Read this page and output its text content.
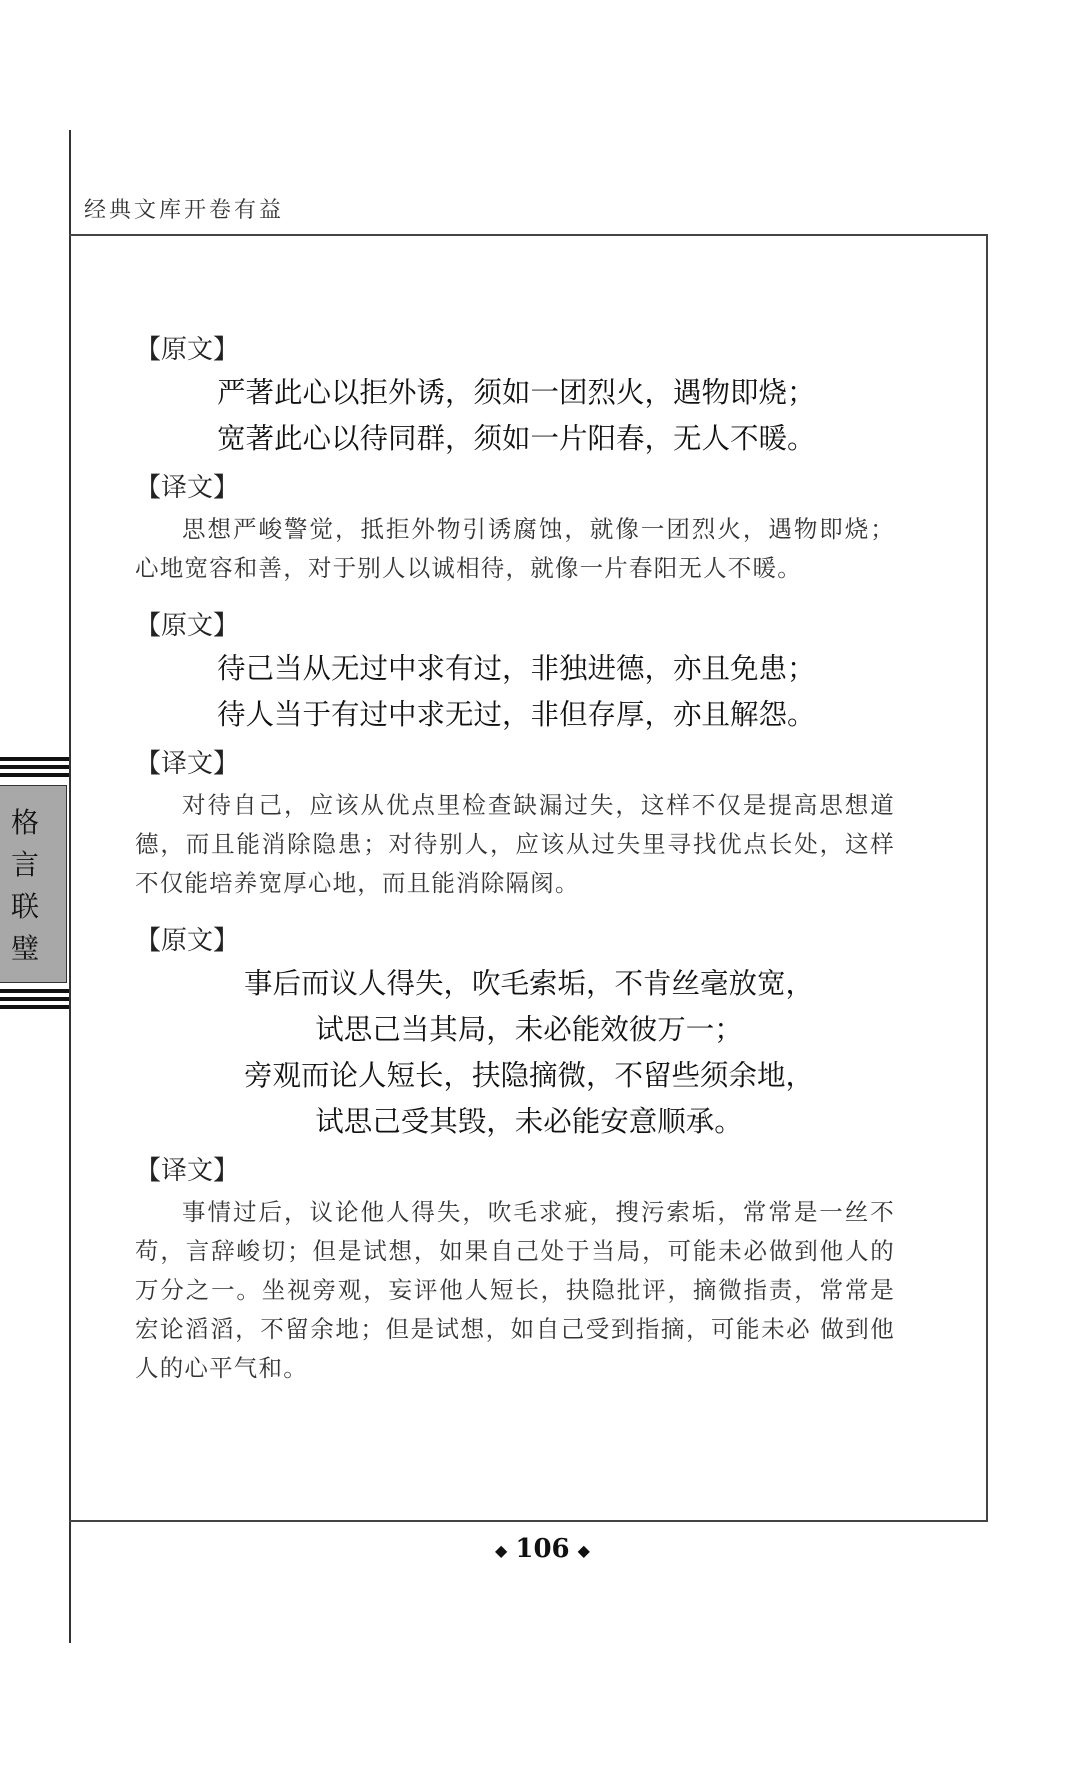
经典文库开卷有益
格
言
联
璧
【原文】
严著此心以拒外诱，须如一团烈火，遇物即烧；
宽著此心以待同群，须如一片阳春，无人不暖。
【译文】
思想严峻警觉，抵拒外物引诱腐蚀，就像一团烈火，遇物即烧；心地宽容和善，对于别人以诚相待，就像一片春阳无人不暖。
【原文】
待己当从无过中求有过，非独进德，亦且免患；
待人当于有过中求无过，非但存厚，亦且解怨。
【译文】
对待自己，应该从优点里检查缺漏过失，这样不仅是提高思想道德，而且能消除隐患；对待别人，应该从过失里寻找优点长处，这样不仅能培养宽厚心地，而且能消除隔阂。
【原文】
事后而议人得失，吹毛索垢，不肯丝毫放宽，
试思己当其局，未必能效彼万一；
旁观而论人短长，扶隐摘微，不留些须余地，
试思己受其毁，未必能安意顺承。
【译文】
事情过后，议论他人得失，吹毛求疵，搜污索垢，常常是一丝不苟，言辞峻切；但是试想，如果自己处于当局，可能未必做到他人的万分之一。坐视旁观，妄评他人短长，抉隐批评，摘微指责，常常是宏论滔滔，不留余地；但是试想，如自己受到指摘，可能未必 做到他人的心平气和。
◆ 106 ◆
